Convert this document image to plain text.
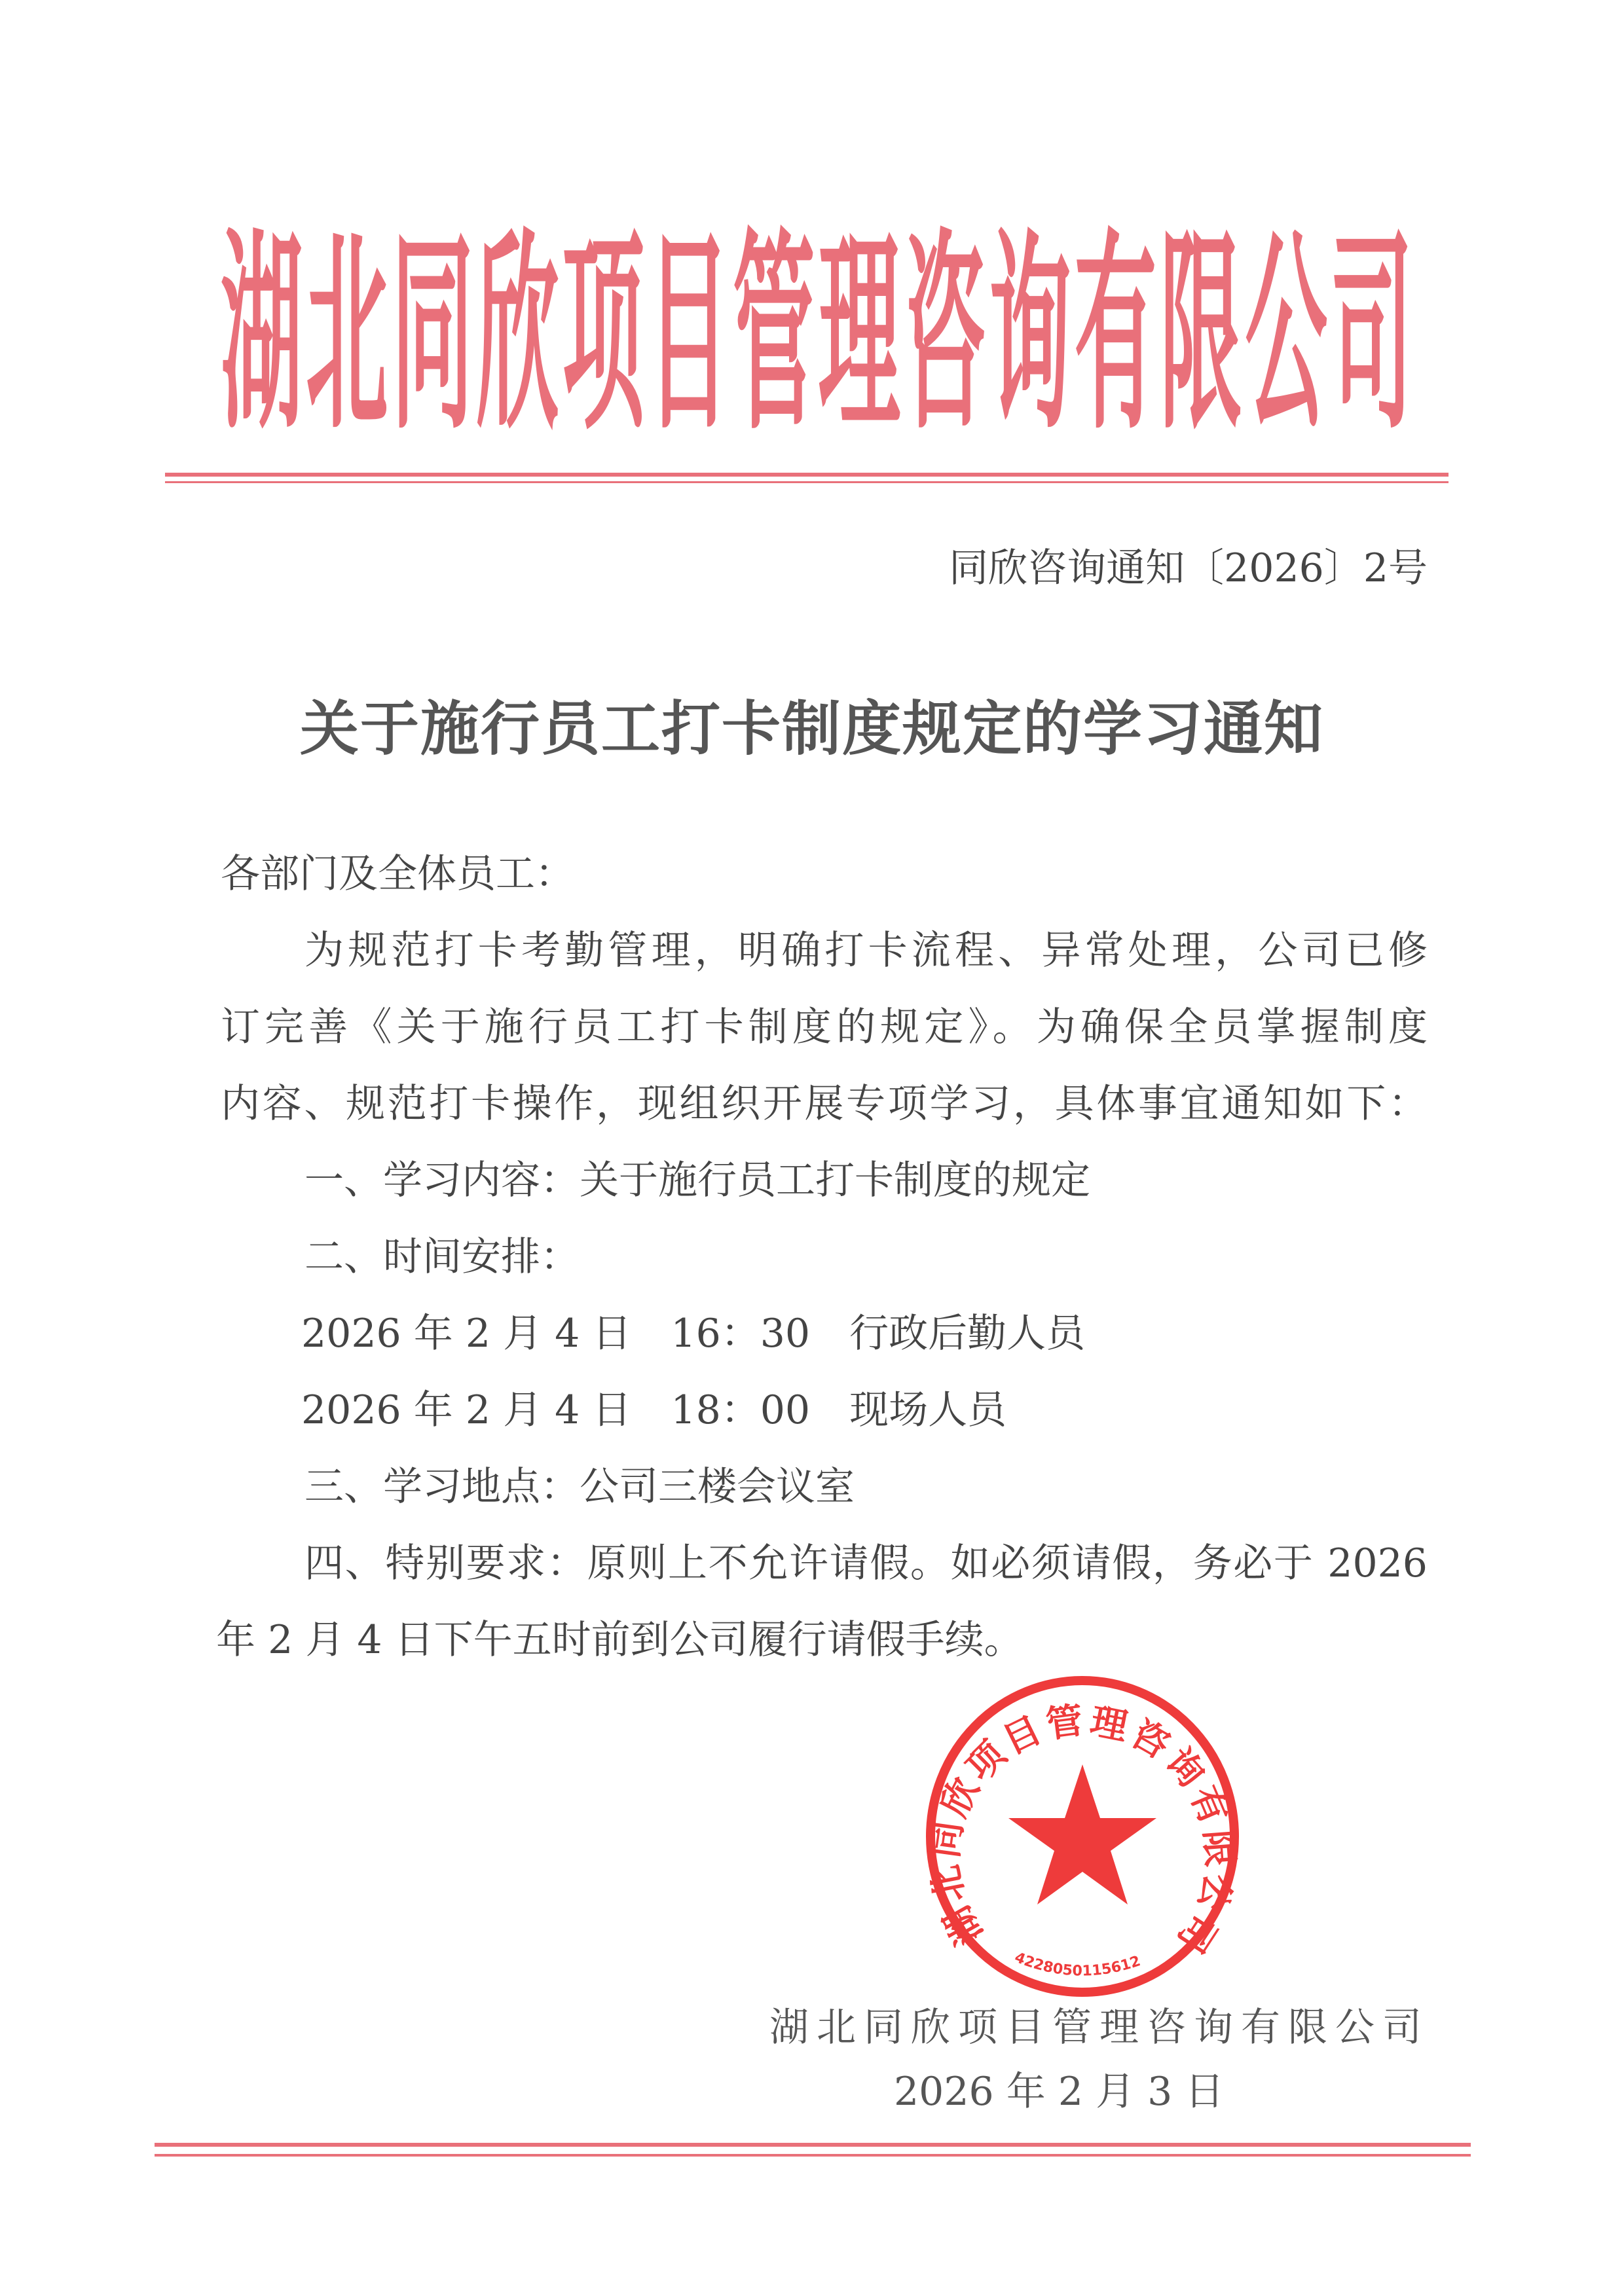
湖北同欣项目管理咨询有限公司
同欣咨询通知〔2026〕2号
关于施行员工打卡制度规定的学习通知
各部门及全体员工：
为规范打卡考勤管理，明确打卡流程、异常处理，公司已修
订完善《关于施行员工打卡制度的规定》。为确保全员掌握制度
内容、规范打卡操作，现组织开展专项学习，具体事宜通知如下：
一、学习内容：关于施行员工打卡制度的规定
二、时间安排：
2026 年 2 月 4 日　16：30　行政后勤人员
2026 年 2 月 4 日　18：00　现场人员
三、学习地点：公司三楼会议室
四、特别要求：原则上不允许请假。如必须请假，务必于 2026
年 2 月 4 日下午五时前到公司履行请假手续。
湖北同欣项目管理咨询有限公司
4228050115612
湖北同欣项目管理咨询有限公司
2026 年 2 月 3 日
